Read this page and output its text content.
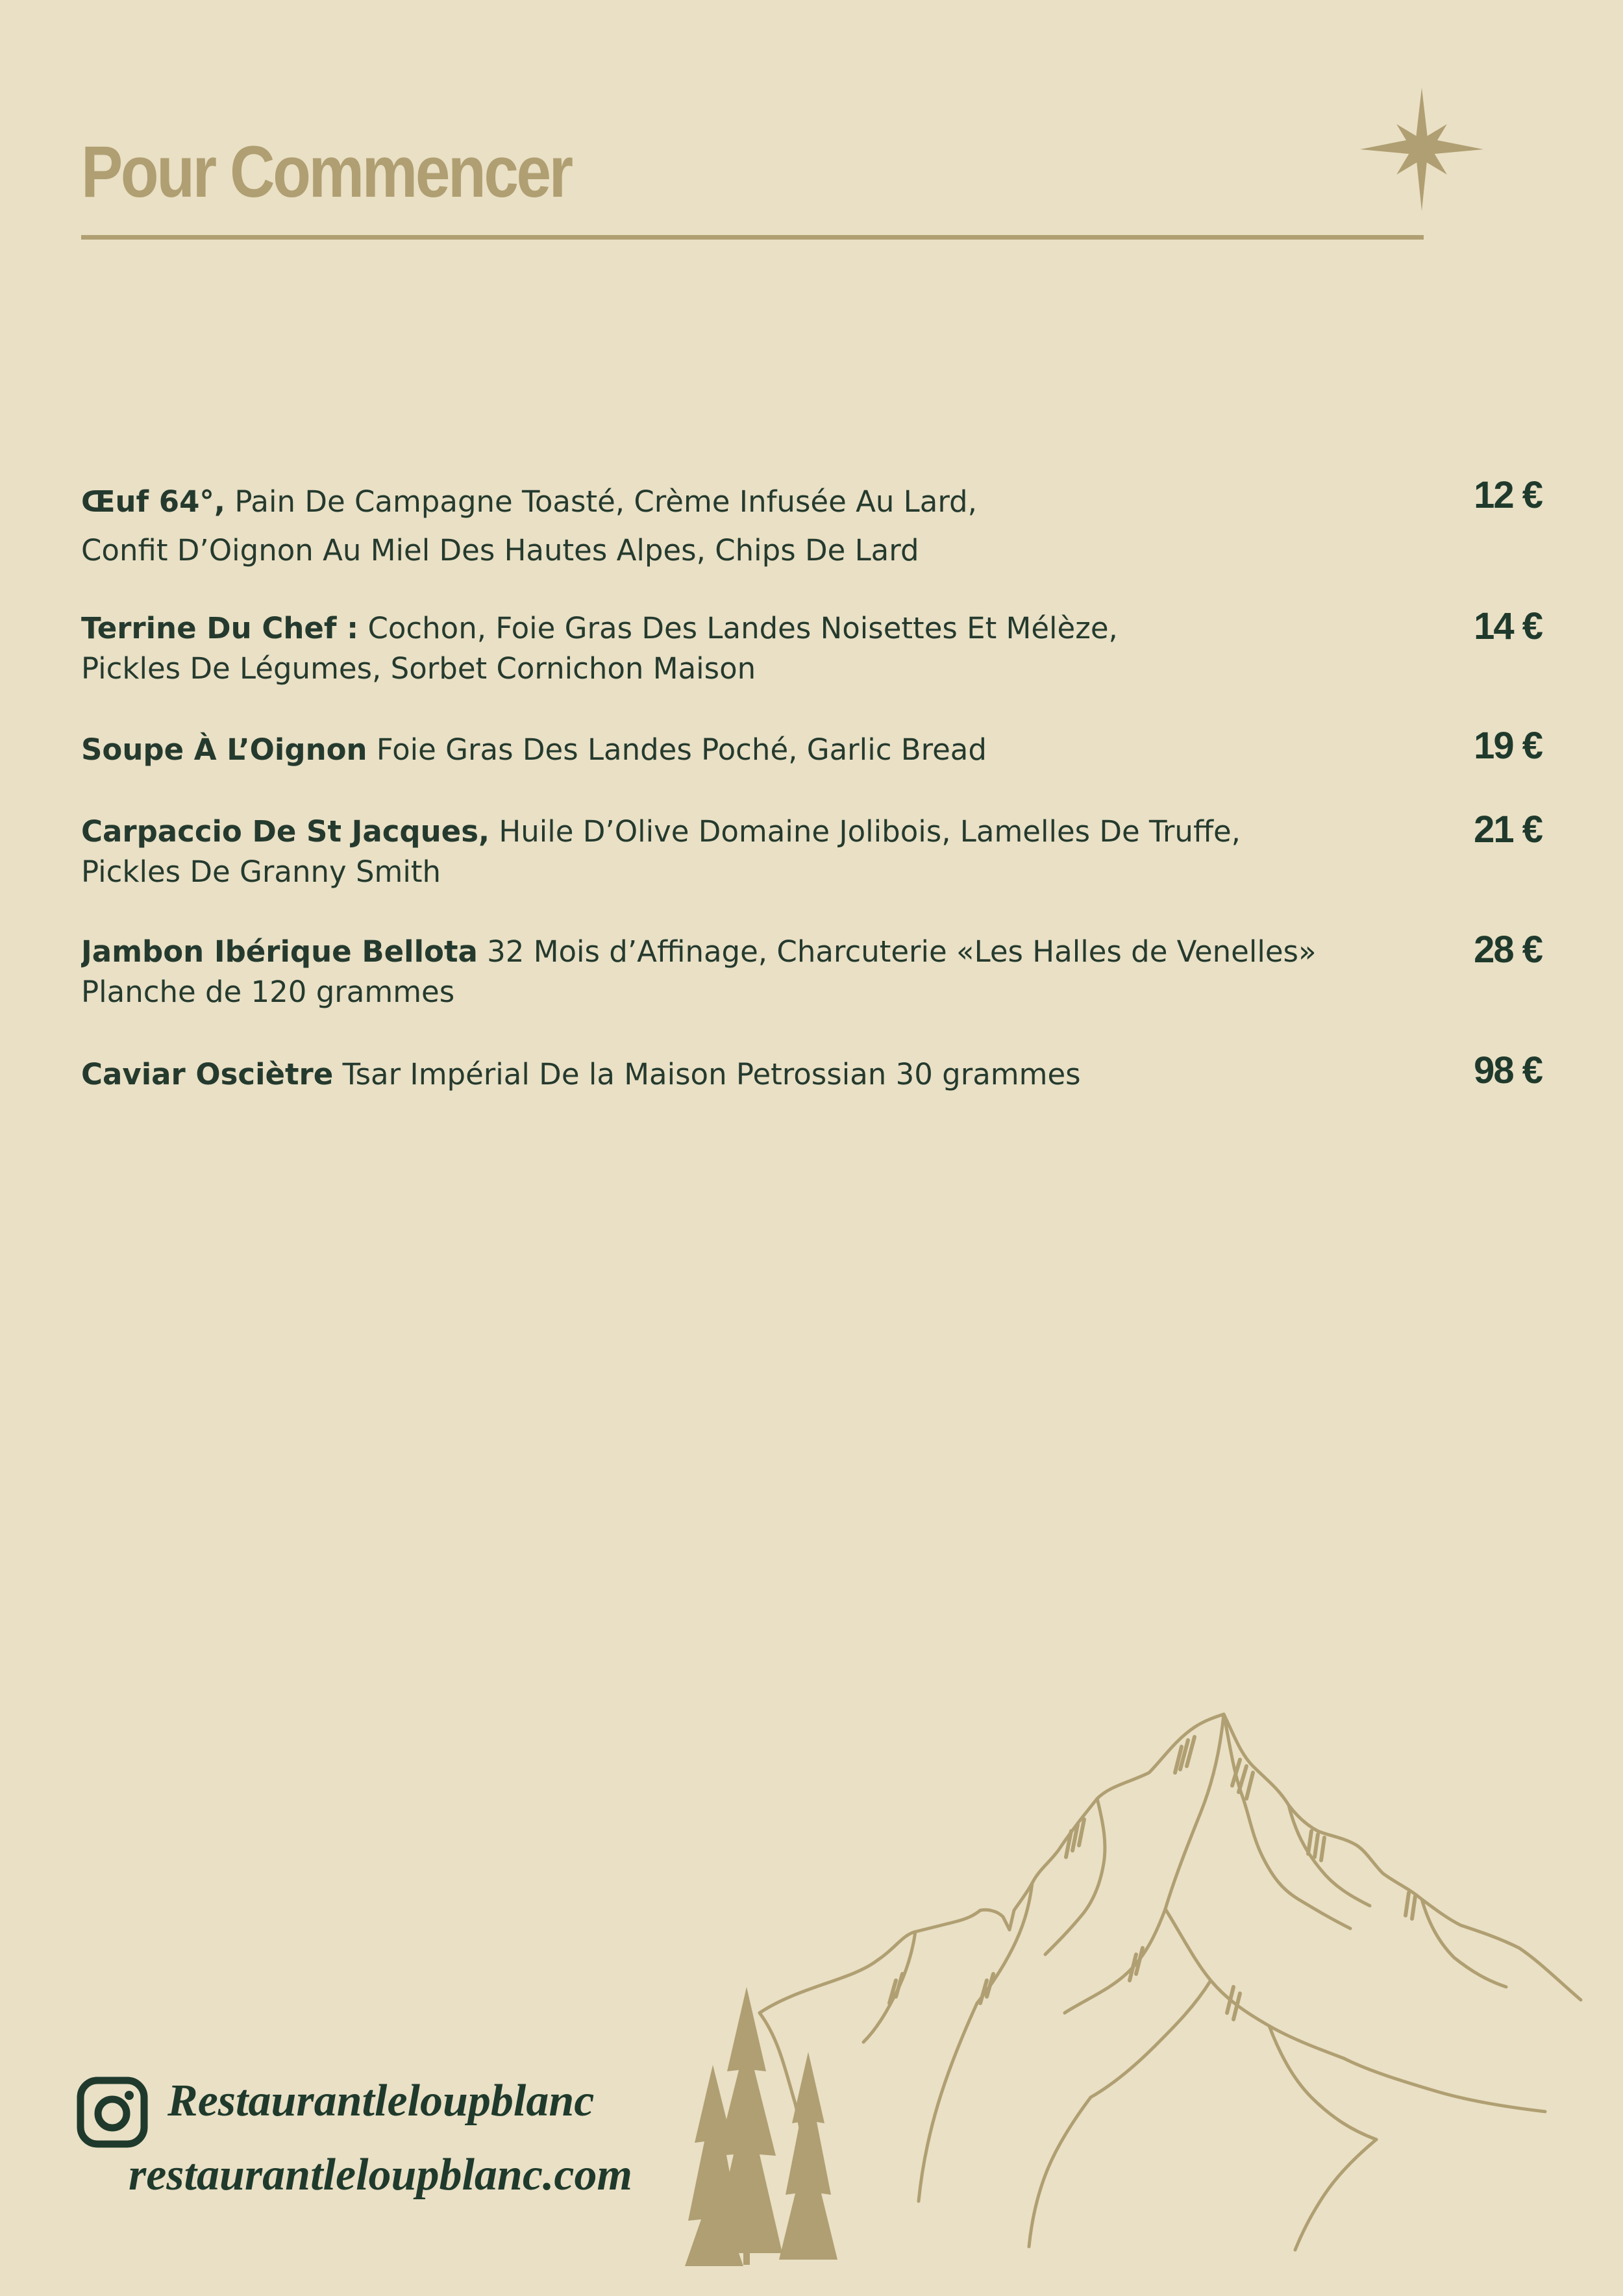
Pour Commencer
Œuf 64°, Pain De Campagne Toasté, Crème Infusée Au Lard,
Confit D’Oignon Au Miel Des Hautes Alpes, Chips De Lard
12 €
Terrine Du Chef : Cochon, Foie Gras Des Landes Noisettes Et Mélèze,
Pickles De Légumes, Sorbet Cornichon Maison
14 €
Soupe À L’Oignon Foie Gras Des Landes Poché, Garlic Bread	19 €
Carpaccio De St Jacques, Huile D’Olive Domaine Jolibois, Lamelles De Truffe,
Pickles De Granny Smith
21 €
Jambon Ibérique Bellota 32 Mois d’Affinage, Charcuterie «Les Halles de Venelles»
Planche de 120 grammes
28 €
Caviar Osciètre Tsar Impérial De la Maison Petrossian 30 grammes	98 €
Restaurantleloupblanc
restaurantleloupblanc.com
